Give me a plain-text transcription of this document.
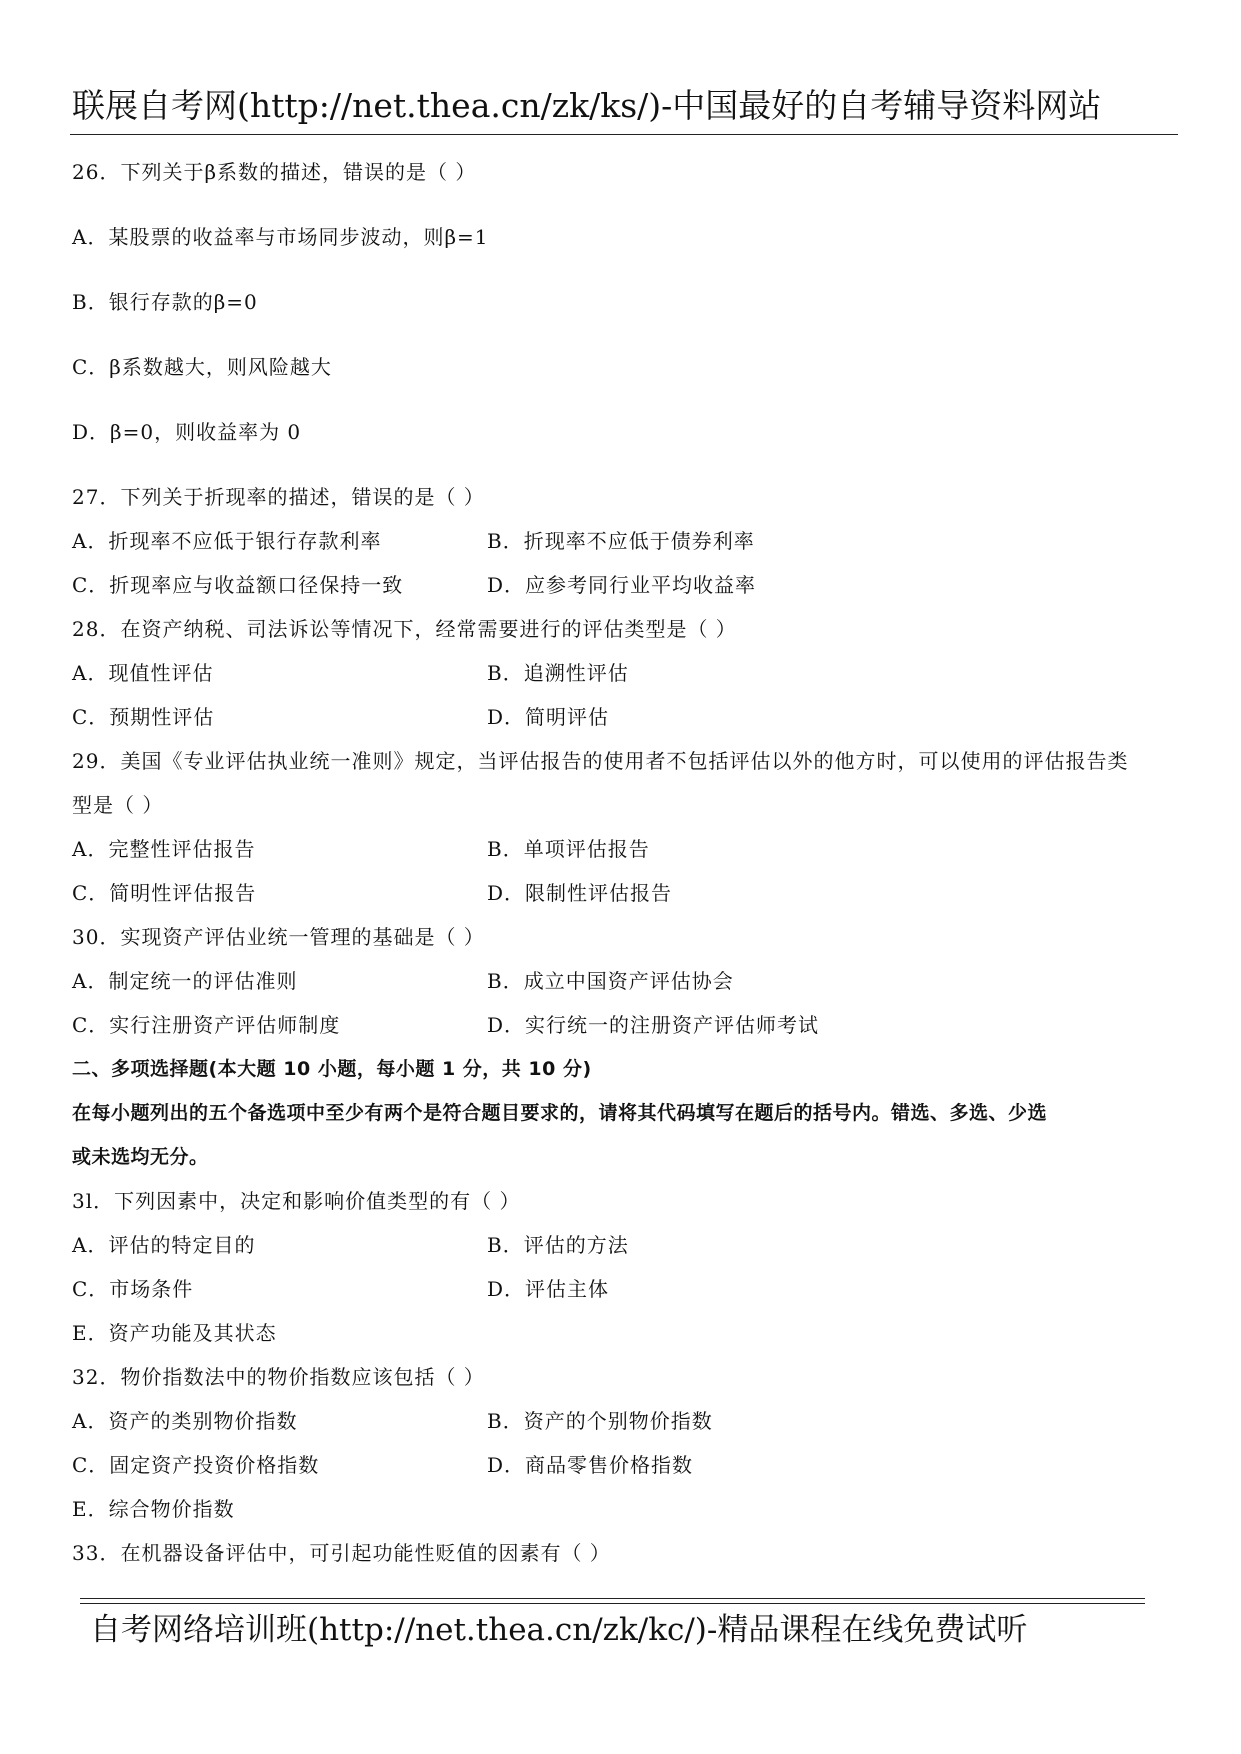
联展自考网(http://net.thea.cn/zk/ks/)-中国最好的自考辅导资料网站
26．下列关于β系数的描述，错误的是（ ）
A．某股票的收益率与市场同步波动，则β=1
B．银行存款的β=0
C．β系数越大，则风险越大
D．β=0，则收益率为 0
27．下列关于折现率的描述，错误的是（ ）
A．折现率不应低于银行存款利率	B．折现率不应低于债券利率
C．折现率应与收益额口径保持一致	D．应参考同行业平均收益率
28．在资产纳税、司法诉讼等情况下，经常需要进行的评估类型是（ ）
A．现值性评估	B．追溯性评估
C．预期性评估	D．简明评估
29．美国《专业评估执业统一准则》规定，当评估报告的使用者不包括评估以外的他方时，可以使用的评估报告类
型是（ ）
A．完整性评估报告	B．单项评估报告
C．简明性评估报告	D．限制性评估报告
30．实现资产评估业统一管理的基础是（ ）
A．制定统一的评估准则	B．成立中国资产评估协会
C．实行注册资产评估师制度	D．实行统一的注册资产评估师考试
二、多项选择题(本大题 10 小题，每小题 1 分，共 10 分)
在每小题列出的五个备选项中至少有两个是符合题目要求的，请将其代码填写在题后的括号内。错选、多选、少选
或未选均无分。
3l．下列因素中，决定和影响价值类型的有（ ）
A．评估的特定目的	B．评估的方法
C．市场条件	D．评估主体
E．资产功能及其状态
32．物价指数法中的物价指数应该包括（ ）
A．资产的类别物价指数	B．资产的个别物价指数
C．固定资产投资价格指数	D．商品零售价格指数
E．综合物价指数
33．在机器设备评估中，可引起功能性贬值的因素有（ ）
自考网络培训班(http://net.thea.cn/zk/kc/)-精品课程在线免费试听
